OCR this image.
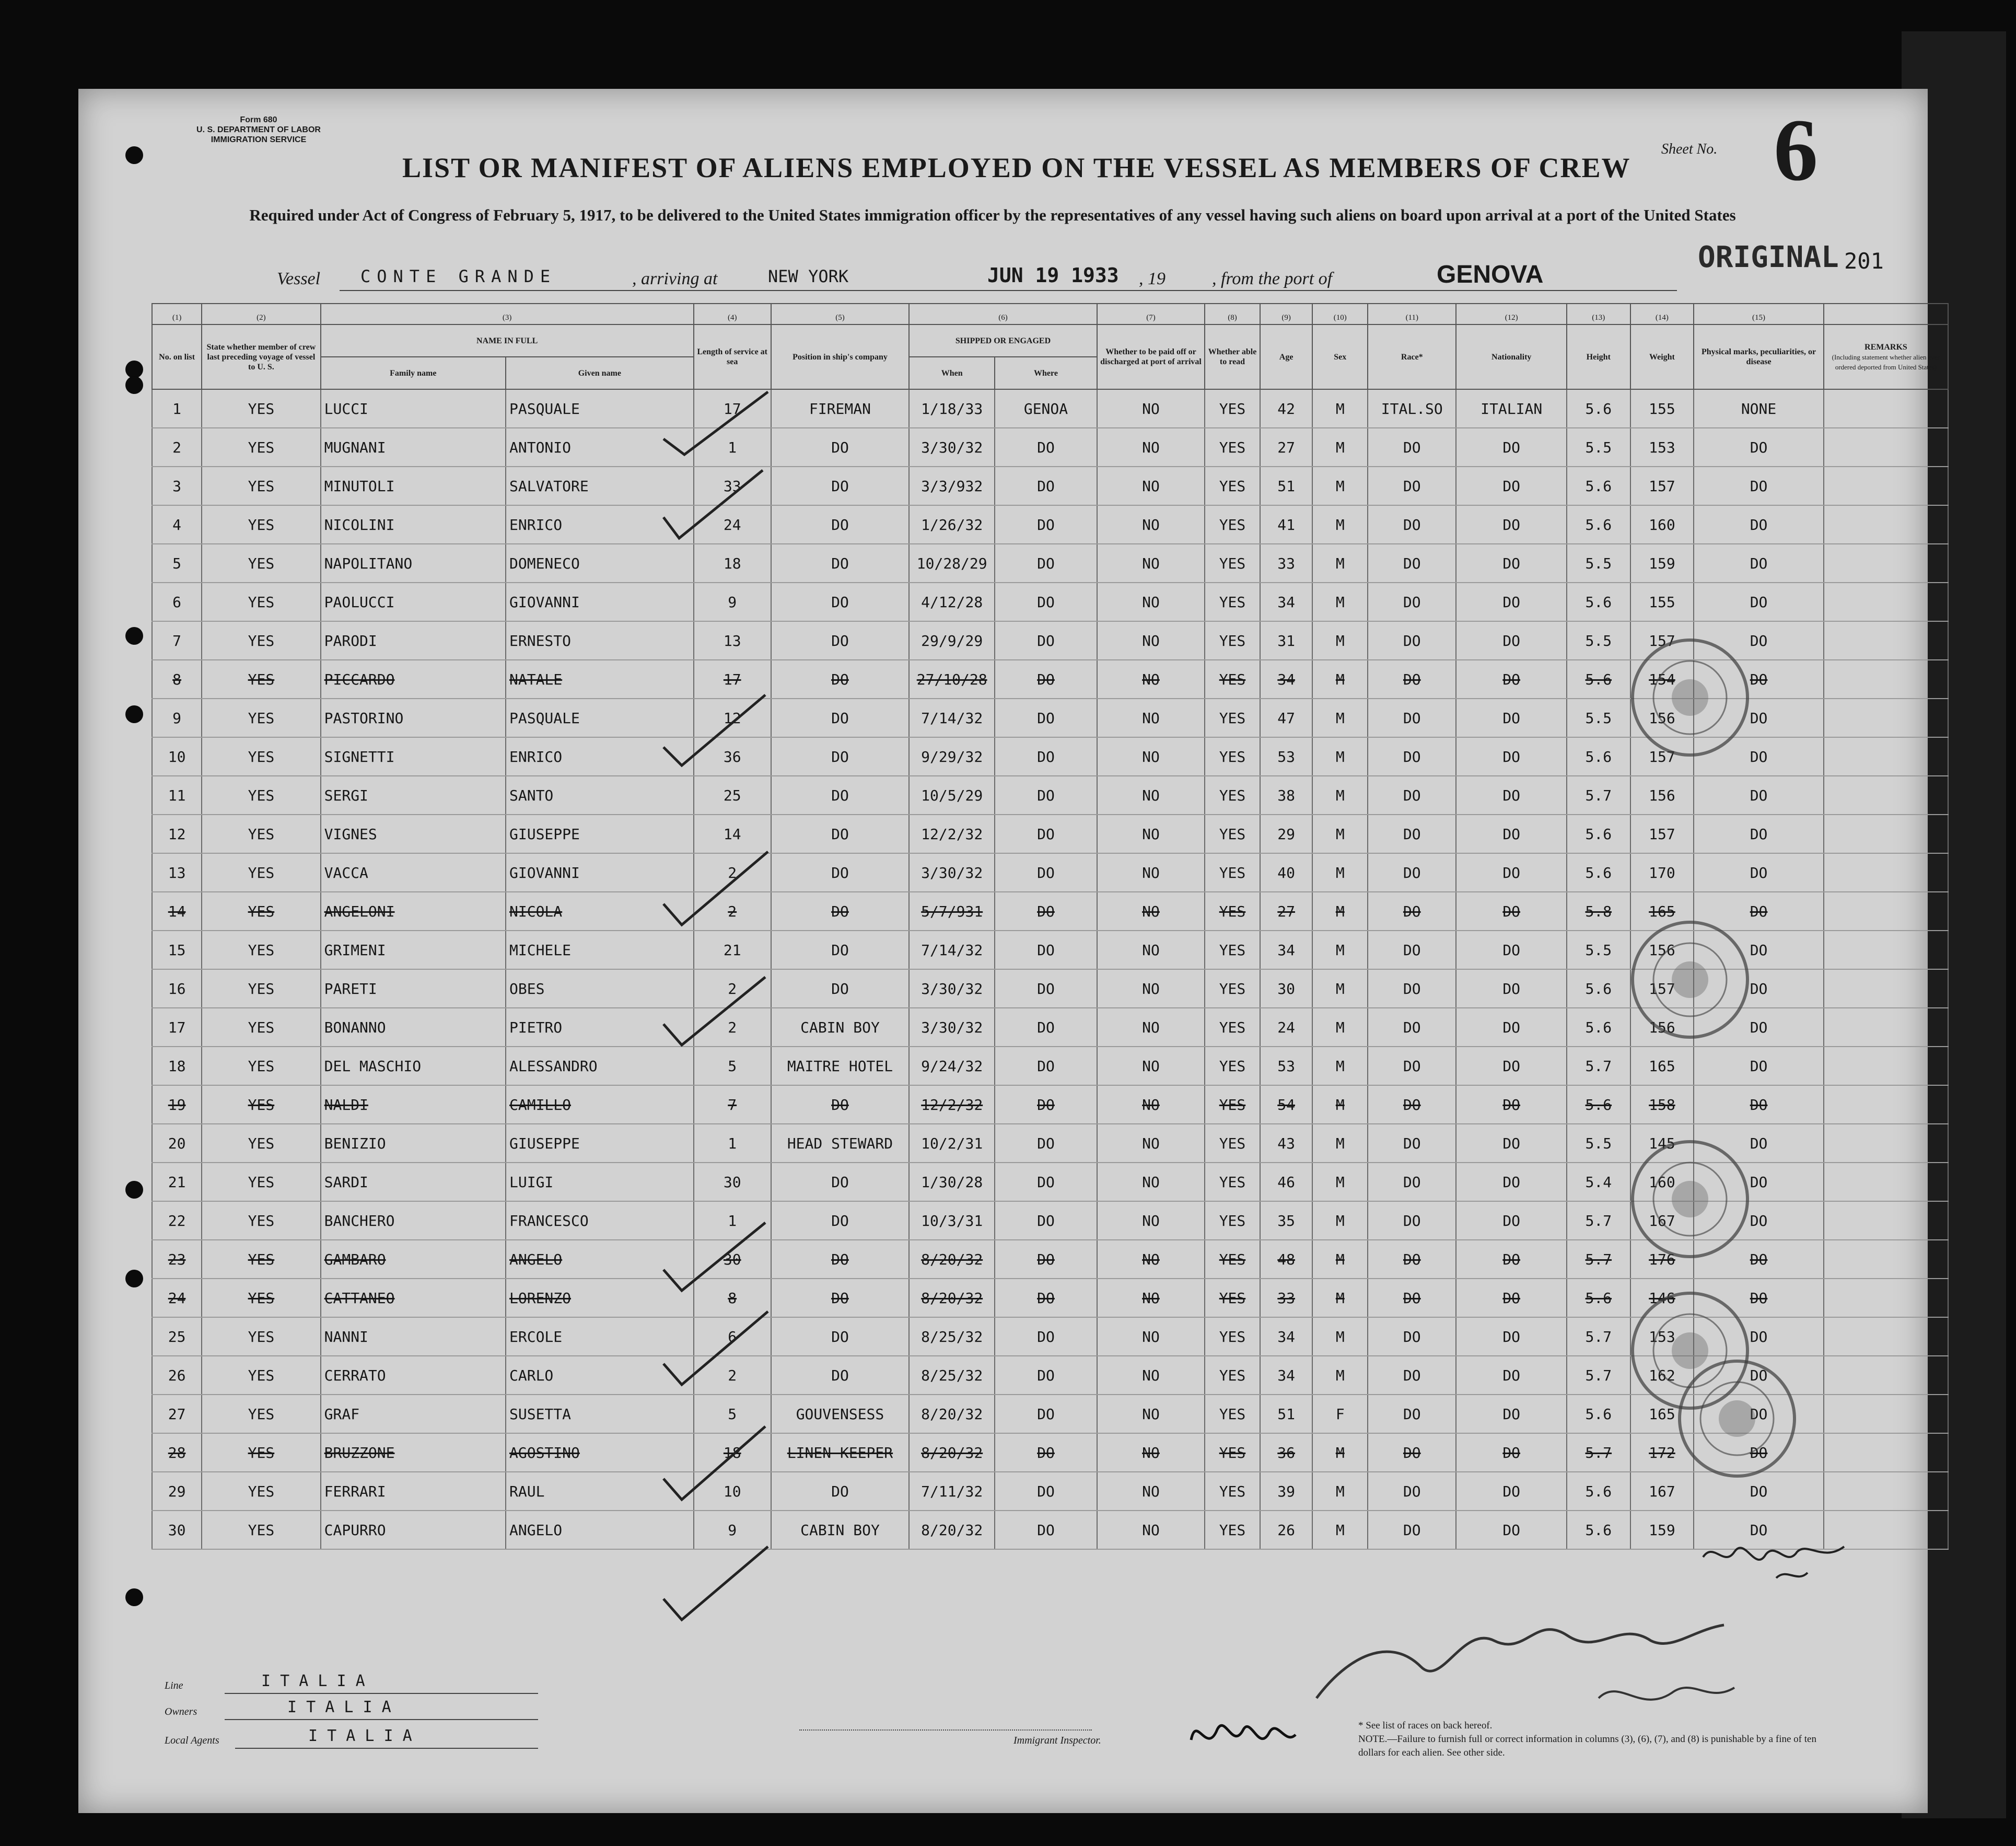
Form 680
U. S. DEPARTMENT OF LABOR
IMMIGRATION SERVICE
LIST OR MANIFEST OF ALIENS EMPLOYED ON THE VESSEL AS MEMBERS OF CREW
Sheet No. 6
Required under Act of Congress of February 5, 1917, to be delivered to the United States immigration officer by the representatives of any vessel having such aliens on board upon arrival at a port of the United States
ORIGINAL 201
Vessel CONTE GRANDE	, arriving at	NEW YORK	JUN 19 1933 , 19	, from the port of	GENOVA
(1)	(2)	(3)		(4)	(5)	(6)		(7)	(8)	(9)	(10)	(11)	(12)	(13)	(14)	(15)	
No. on list	State whether member of crew last preceding voyage of vessel to U. S.	NAME IN FULL		Length of service at sea	Position in ship's company	SHIPPED OR ENGAGED		Whether to be paid off or discharged at port of arrival	Whether able to read	Age	Sex	Race*	Nationality	Height	Weight	Physical marks, peculiarities, or disease	REMARKS
(Including statement whether alien ever ordered deported from United States)

		Family name	Given name			When	Where										
1	YES	LUCCI	PASQUALE	17	FIREMAN	1/18/33	GENOA	NO	YES	42	M	ITAL.SO	ITALIAN	5.6	155	NONE	
2	YES	MUGNANI	ANTONIO	1	DO	3/30/32	DO	NO	YES	27	M	DO	DO	5.5	153	DO	
3	YES	MINUTOLI	SALVATORE	33	DO	3/3/932	DO	NO	YES	51	M	DO	DO	5.6	157	DO	
4	YES	NICOLINI	ENRICO	24	DO	1/26/32	DO	NO	YES	41	M	DO	DO	5.6	160	DO	
5	YES	NAPOLITANO	DOMENECO	18	DO	10/28/29	DO	NO	YES	33	M	DO	DO	5.5	159	DO	
6	YES	PAOLUCCI	GIOVANNI	9	DO	4/12/28	DO	NO	YES	34	M	DO	DO	5.6	155	DO	
7	YES	PARODI	ERNESTO	13	DO	29/9/29	DO	NO	YES	31	M	DO	DO	5.5	157	DO	
8	YES	PICCARDO	NATALE	17	DO	27/10/28	DO	NO	YES	34	M	DO	DO	5.6	154	DO	
9	YES	PASTORINO	PASQUALE	12	DO	7/14/32	DO	NO	YES	47	M	DO	DO	5.5	156	DO	
10	YES	SIGNETTI	ENRICO	36	DO	9/29/32	DO	NO	YES	53	M	DO	DO	5.6	157	DO	
11	YES	SERGI	SANTO	25	DO	10/5/29	DO	NO	YES	38	M	DO	DO	5.7	156	DO	
12	YES	VIGNES	GIUSEPPE	14	DO	12/2/32	DO	NO	YES	29	M	DO	DO	5.6	157	DO	
13	YES	VACCA	GIOVANNI	2	DO	3/30/32	DO	NO	YES	40	M	DO	DO	5.6	170	DO	
14	YES	ANGELONI	NICOLA	2	DO	5/7/931	DO	NO	YES	27	M	DO	DO	5.8	165	DO	
15	YES	GRIMENI	MICHELE	21	DO	7/14/32	DO	NO	YES	34	M	DO	DO	5.5	156	DO	
16	YES	PARETI	OBES	2	DO	3/30/32	DO	NO	YES	30	M	DO	DO	5.6	157	DO	
17	YES	BONANNO	PIETRO	2	CABIN BOY	3/30/32	DO	NO	YES	24	M	DO	DO	5.6	156	DO	
18	YES	DEL MASCHIO	ALESSANDRO	5	MAITRE HOTEL	9/24/32	DO	NO	YES	53	M	DO	DO	5.7	165	DO	
19	YES	NALDI	CAMILLO	7	DO	12/2/32	DO	NO	YES	54	M	DO	DO	5.6	158	DO	
20	YES	BENIZIO	GIUSEPPE	1	HEAD STEWARD	10/2/31	DO	NO	YES	43	M	DO	DO	5.5	145	DO	
21	YES	SARDI	LUIGI	30	DO	1/30/28	DO	NO	YES	46	M	DO	DO	5.4	160	DO	
22	YES	BANCHERO	FRANCESCO	1	DO	10/3/31	DO	NO	YES	35	M	DO	DO	5.7	167	DO	
23	YES	GAMBARO	ANGELO	30	DO	8/20/32	DO	NO	YES	48	M	DO	DO	5.7	176	DO	
24	YES	CATTANEO	LORENZO	8	DO	8/20/32	DO	NO	YES	33	M	DO	DO	5.6	146	DO	
25	YES	NANNI	ERCOLE	6	DO	8/25/32	DO	NO	YES	34	M	DO	DO	5.7	153	DO	
26	YES	CERRATO	CARLO	2	DO	8/25/32	DO	NO	YES	34	M	DO	DO	5.7	162	DO	
27	YES	GRAF	SUSETTA	5	GOUVENSESS	8/20/32	DO	NO	YES	51	F	DO	DO	5.6	165	DO	
28	YES	BRUZZONE	AGOSTINO	18	LINEN KEEPER	8/20/32	DO	NO	YES	36	M	DO	DO	5.7	172	DO	
29	YES	FERRARI	RAUL	10	DO	7/11/32	DO	NO	YES	39	M	DO	DO	5.6	167	DO	
30	YES	CAPURRO	ANGELO	9	CABIN BOY	8/20/32	DO	NO	YES	26	M	DO	DO	5.6	159	DO	
Line	I T A L I A
Owners	I T A L I A
Local Agents	I T A L I A	Immigrant Inspector.
* See list of races on back hereof.
NOTE.—Failure to furnish full or correct information in columns (3), (6), (7), and (8) is punishable by a fine of ten dollars for each alien. See other side.
